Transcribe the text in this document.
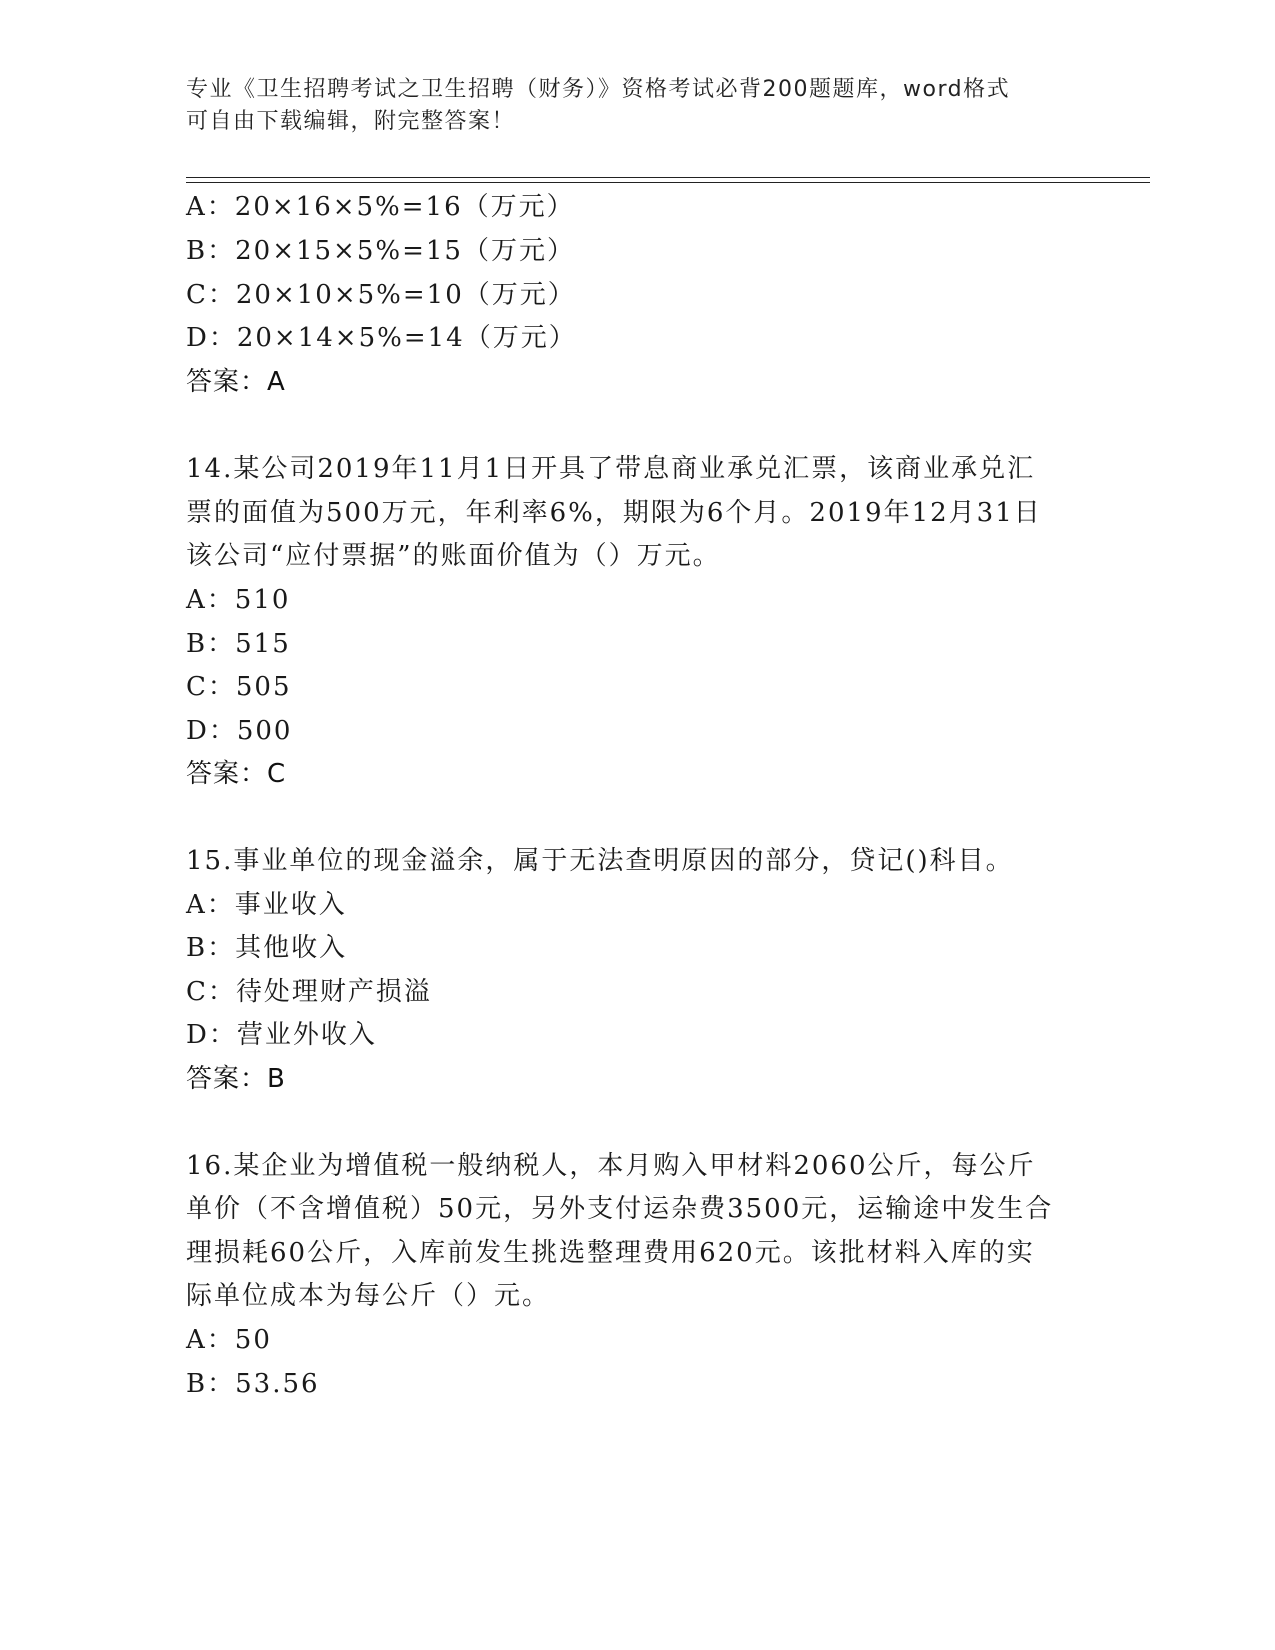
专业《卫生招聘考试之卫生招聘（财务）》资格考试必背200题题库，word格式
可自由下载编辑，附完整答案！
A：20×16×5%=16（万元）
B：20×15×5%=15（万元）
C：20×10×5%=10（万元）
D：20×14×5%=14（万元）
答案：A
14.某公司2019年11月1日开具了带息商业承兑汇票，该商业承兑汇
票的面值为500万元，年利率6%，期限为6个月。2019年12月31日
该公司“应付票据”的账面价值为（）万元。
A：510
B：515
C：505
D：500
答案：C
15.事业单位的现金溢余，属于无法查明原因的部分，贷记()科目。
A：事业收入
B：其他收入
C：待处理财产损溢
D：营业外收入
答案：B
16.某企业为增值税一般纳税人，本月购入甲材料2060公斤，每公斤
单价（不含增值税）50元，另外支付运杂费3500元，运输途中发生合
理损耗60公斤，入库前发生挑选整理费用620元。该批材料入库的实
际单位成本为每公斤（）元。
A：50
B：53.56
